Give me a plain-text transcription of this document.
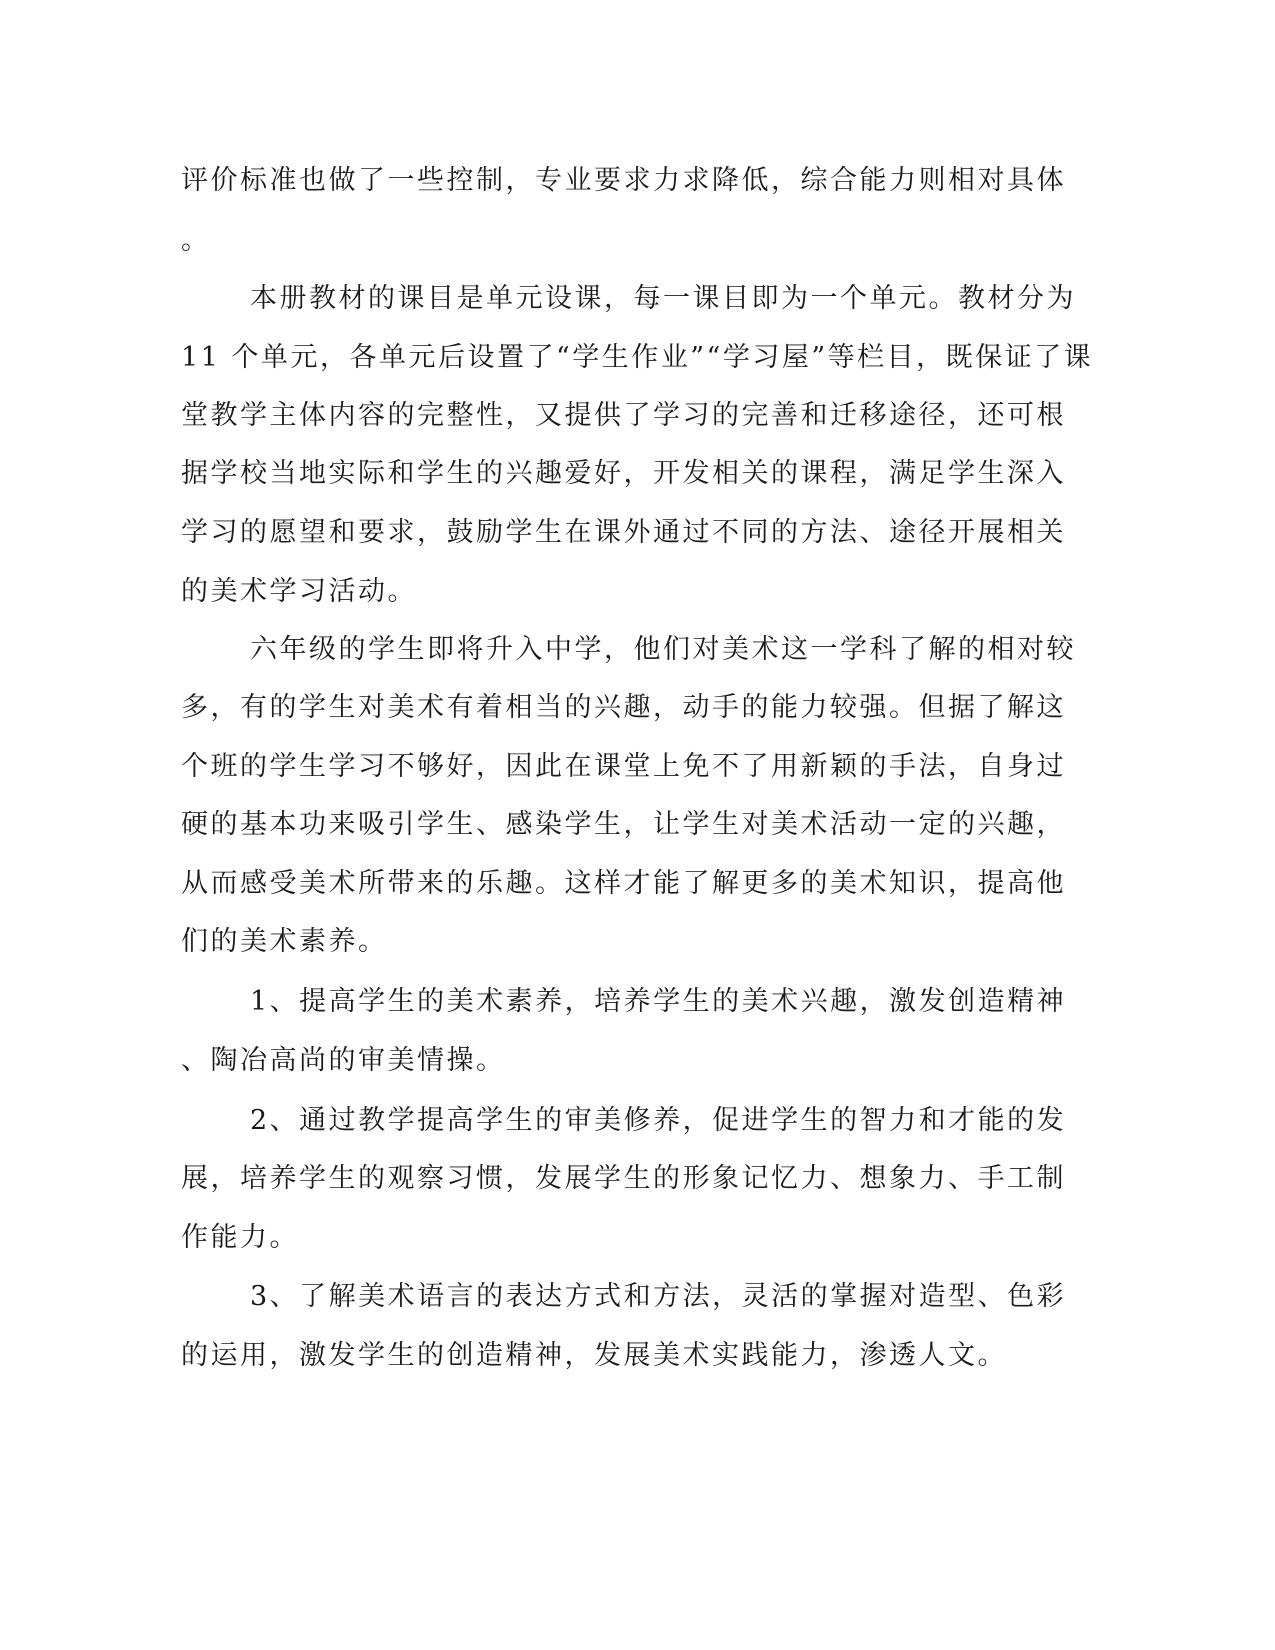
评价标准也做了一些控制，专业要求力求降低，综合能力则相对具体
。
本册教材的课目是单元设课，每一课目即为一个单元。教材分为
11 个单元，各单元后设置了“学生作业”“学习屋”等栏目，既保证了课
堂教学主体内容的完整性，又提供了学习的完善和迁移途径，还可根
据学校当地实际和学生的兴趣爱好，开发相关的课程，满足学生深入
学习的愿望和要求，鼓励学生在课外通过不同的方法、途径开展相关
的美术学习活动。
六年级的学生即将升入中学，他们对美术这一学科了解的相对较
多，有的学生对美术有着相当的兴趣，动手的能力较强。但据了解这
个班的学生学习不够好，因此在课堂上免不了用新颖的手法，自身过
硬的基本功来吸引学生、感染学生，让学生对美术活动一定的兴趣，
从而感受美术所带来的乐趣。这样才能了解更多的美术知识，提高他
们的美术素养。
1、提高学生的美术素养，培养学生的美术兴趣，激发创造精神
、陶冶高尚的审美情操。
2、通过教学提高学生的审美修养，促进学生的智力和才能的发
展，培养学生的观察习惯，发展学生的形象记忆力、想象力、手工制
作能力。
3、了解美术语言的表达方式和方法，灵活的掌握对造型、色彩
的运用，激发学生的创造精神，发展美术实践能力，渗透人文。
